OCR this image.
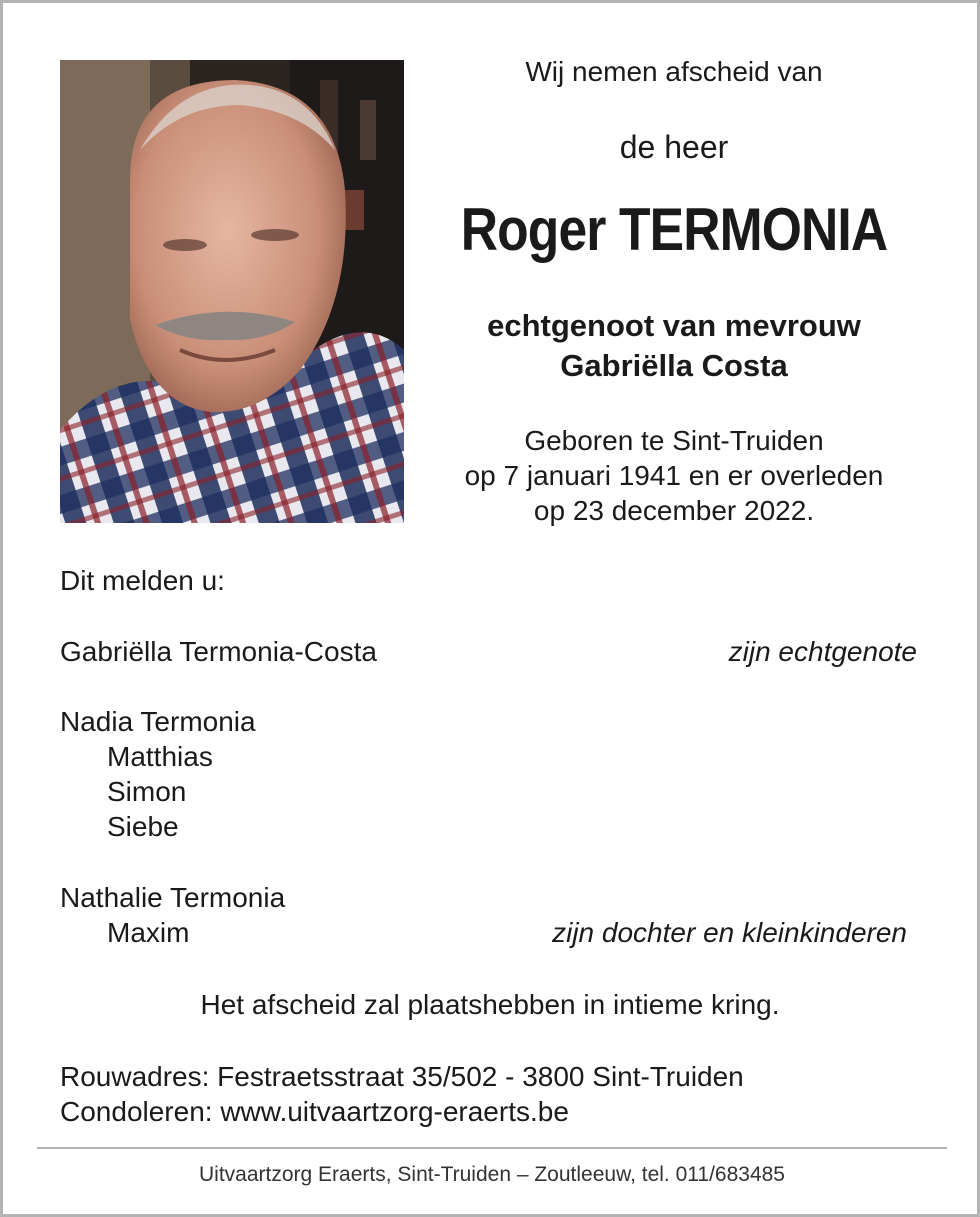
Wij nemen afscheid van

de heer

Roger TERMONIA

echtgenoot van mevrouw
Gabriëlla Costa
Geboren te Sint-Truiden
op 7 januari 1941 en er overleden
op 23 december 2022.

Dit melden u:

Gabriëlla Termonia-Costa	zijn echtgenote

Nadia Termonia

Matthias

Simon

Siebe

Nathalie Termonia

Maxim	zijn dochter en kleinkinderen

Het afscheid zal plaatshebben in intieme kring.

Rouwadres: Festraetsstraat 35/502 - 3800 Sint-Truiden

Condoleren: www.uitvaartzorg-eraerts.be

Uitvaartzorg Eraerts, Sint-Truiden – Zoutleeuw, tel. 011/683485
